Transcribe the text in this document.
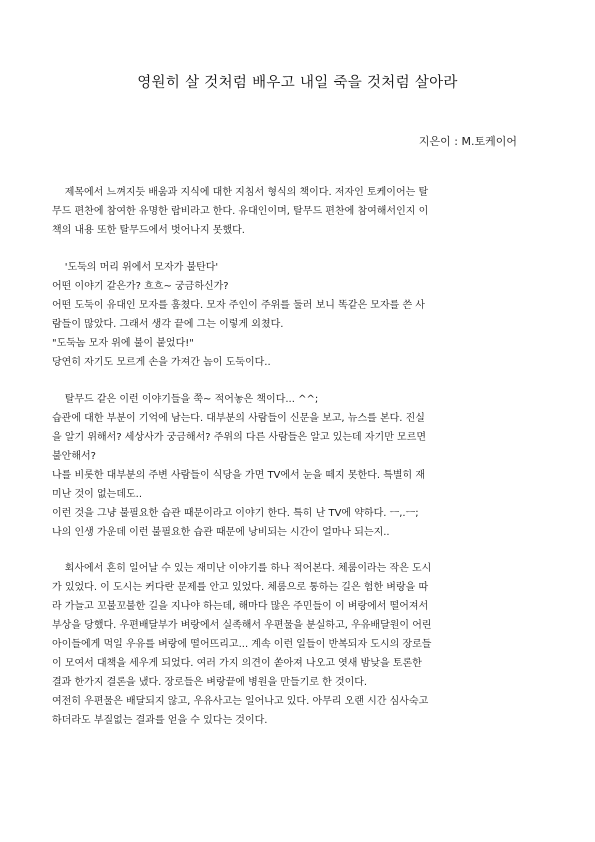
영원히 살 것처럼 배우고 내일 죽을 것처럼 살아라
지은이 : M.토케이어
제목에서 느껴지듯 배움과 지식에 대한 지침서 형식의 책이다. 저자인 토케이어는 탈
무드 편찬에 참여한 유명한 랍비라고 한다. 유대인이며, 탈무드 편찬에 참여해서인지 이
책의 내용 또한 탈무드에서 벗어나지 못했다.
'도둑의 머리 위에서 모자가 불탄다'
어떤 이야기 같은가? 흐흐~ 궁금하신가?
어떤 도둑이 유대인 모자를 훔쳤다. 모자 주인이 주위를 둘러 보니 똑같은 모자를 쓴 사
람들이 많았다. 그래서 생각 끝에 그는 이렇게 외쳤다.
"도둑놈 모자 위에 불이 붙었다!"
당연히 자기도 모르게 손을 가져간 놈이 도둑이다..
탈무드 같은 이런 이야기들을 쭉~ 적어놓은 책이다... ^^;
습관에 대한 부분이 기억에 남는다. 대부분의 사람들이 신문을 보고, 뉴스를 본다. 진실
을 알기 위해서? 세상사가 궁금해서? 주위의 다른 사람들은 알고 있는데 자기만 모르면
불안해서?
나를 비롯한 대부분의 주변 사람들이 식당을 가면 TV에서 눈을 떼지 못한다. 특별히 재
미난 것이 없는데도..
이런 것을 그냥 불필요한 습관 때문이라고 이야기 한다. 특히 난 TV에 약하다. ㅡ,.ㅡ;
나의 인생 가운데 이런 불필요한 습관 때문에 낭비되는 시간이 얼마나 되는지..
회사에서 흔히 일어날 수 있는 재미난 이야기를 하나 적어본다. 체룸이라는 작은 도시
가 있었다. 이 도시는 커다란 문제를 안고 있었다. 체룸으로 통하는 길은 험한 벼랑을 따
라 가늘고 꼬불꼬불한 길을 지나야 하는데, 해마다 많은 주민들이 이 벼랑에서 떨어져서
부상을 당했다. 우편배달부가 벼랑에서 실족해서 우편물을 분실하고, 우유배달원이 어린
아이들에게 먹일 우유를 벼랑에 떨어뜨리고... 계속 이런 일들이 반복되자 도시의 장로들
이 모여서 대책을 세우게 되었다. 여러 가지 의견이 쏟아져 나오고 엿새 밤낮을 토론한
결과 한가지 결론을 냈다. 장로들은 벼랑끝에 병원을 만들기로 한 것이다.
여전히 우편물은 배달되지 않고, 우유사고는 일어나고 있다. 아무리 오랜 시간 심사숙고
하더라도 부질없는 결과를 얻을 수 있다는 것이다.
